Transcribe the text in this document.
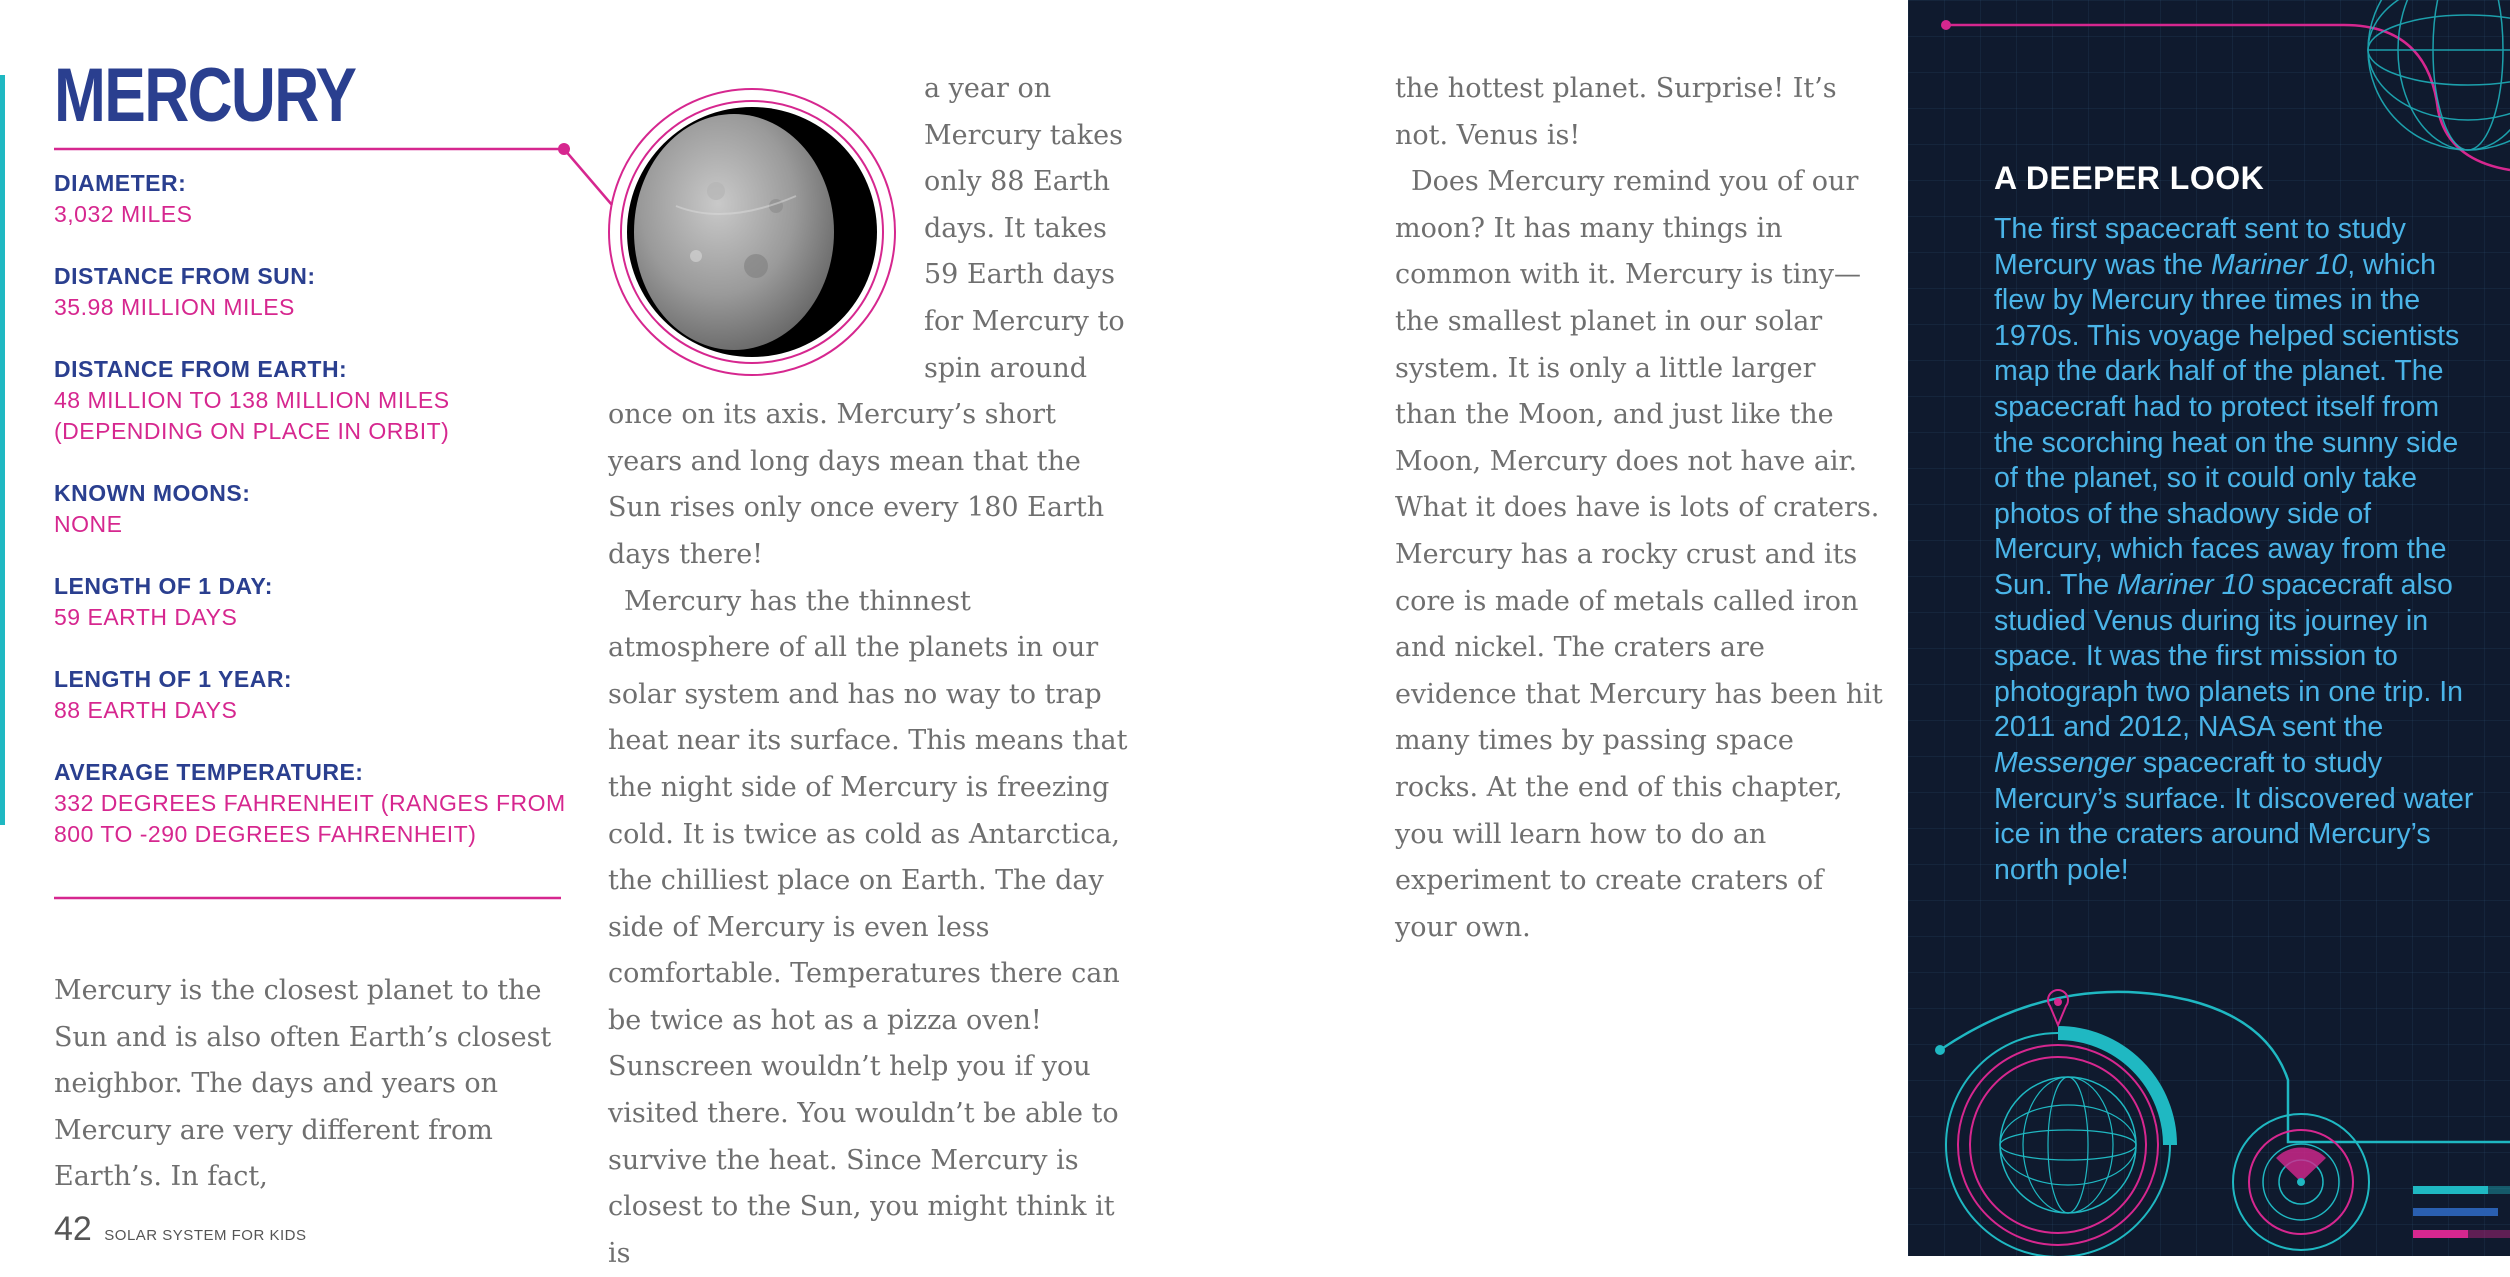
MERCURY
DIAMETER:
3,032 MILES
DISTANCE FROM SUN:
35.98 MILLION MILES
DISTANCE FROM EARTH:
48 MILLION TO 138 MILLION MILES (DEPENDING ON PLACE IN ORBIT)
KNOWN MOONS:
NONE
LENGTH OF 1 DAY:
59 EARTH DAYS
LENGTH OF 1 YEAR:
88 EARTH DAYS
AVERAGE TEMPERATURE:
332 DEGREES FAHRENHEIT (RANGES FROM 800 TO -290 DEGREES FAHRENHEIT)

Mercury is the closest planet to the Sun and is also often Earth’s closest neighbor. The days and years on Mercury are very different from Earth’s. In fact,

a year on Mercury takes only 88 Earth days. It takes 59 Earth days for Mercury to spin around once on its axis. Mercury’s short years and long days mean that the Sun rises only once every 180 Earth days there!

Mercury has the thinnest atmosphere of all the planets in our solar system and has no way to trap heat near its surface. This means that the night side of Mercury is freezing cold. It is twice as cold as Antarctica, the chilliest place on Earth. The day side of Mercury is even less comfortable. Temperatures there can be twice as hot as a pizza oven! Sunscreen wouldn’t help you if you visited there. You wouldn’t be able to survive the heat. Since Mercury is closest to the Sun, you might think it is

the hottest planet. Surprise! It’s not. Venus is!

Does Mercury remind you of our moon? It has many things in common with it. Mercury is tiny—the smallest planet in our solar system. It is only a little larger than the Moon, and just like the Moon, Mercury does not have air. What it does have is lots of craters. Mercury has a rocky crust and its core is made of metals called iron and nickel. The craters are evidence that Mercury has been hit many times by passing space rocks. At the end of this chapter, you will learn how to do an experiment to create craters of your own.

42 SOLAR SYSTEM FOR KIDS
A DEEPER LOOK

The first spacecraft sent to study Mercury was the Mariner 10, which flew by Mercury three times in the 1970s. This voyage helped scientists map the dark half of the planet. The spacecraft had to protect itself from the scorching heat on the sunny side of the planet, so it could only take photos of the shadowy side of Mercury, which faces away from the Sun. The Mariner 10 spacecraft also studied Venus during its journey in space. It was the first mission to photograph two planets in one trip. In 2011 and 2012, NASA sent the Messenger spacecraft to study Mercury’s surface. It discovered water ice in the craters around Mercury’s north pole!
